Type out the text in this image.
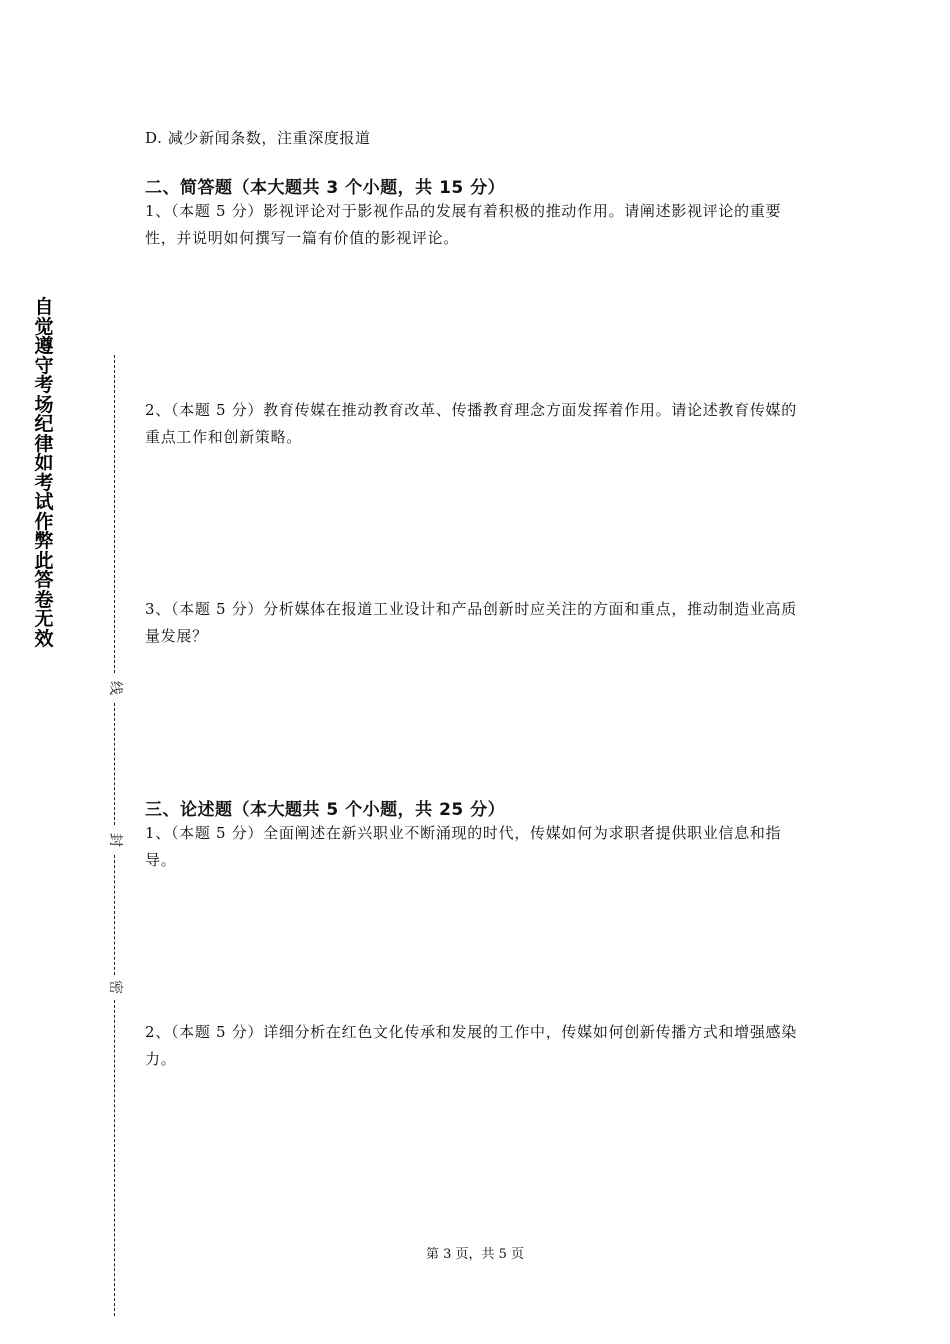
自
觉
遵
守
考
场
纪
律
如
考
试
作
弊
此
答
卷
无
效
线
封
密
D. 减少新闻条数，注重深度报道
二、简答题（本大题共 3 个小题，共 15 分）
1、（本题 5 分）影视评论对于影视作品的发展有着积极的推动作用。请阐述影视评论的重要性，并说明如何撰写一篇有价值的影视评论。
2、（本题 5 分）教育传媒在推动教育改革、传播教育理念方面发挥着作用。请论述教育传媒的重点工作和创新策略。
3、（本题 5 分）分析媒体在报道工业设计和产品创新时应关注的方面和重点，推动制造业高质量发展？
三、论述题（本大题共 5 个小题，共 25 分）
1、（本题 5 分）全面阐述在新兴职业不断涌现的时代，传媒如何为求职者提供职业信息和指导。
2、（本题 5 分）详细分析在红色文化传承和发展的工作中，传媒如何创新传播方式和增强感染力。
第 3 页，共 5 页
